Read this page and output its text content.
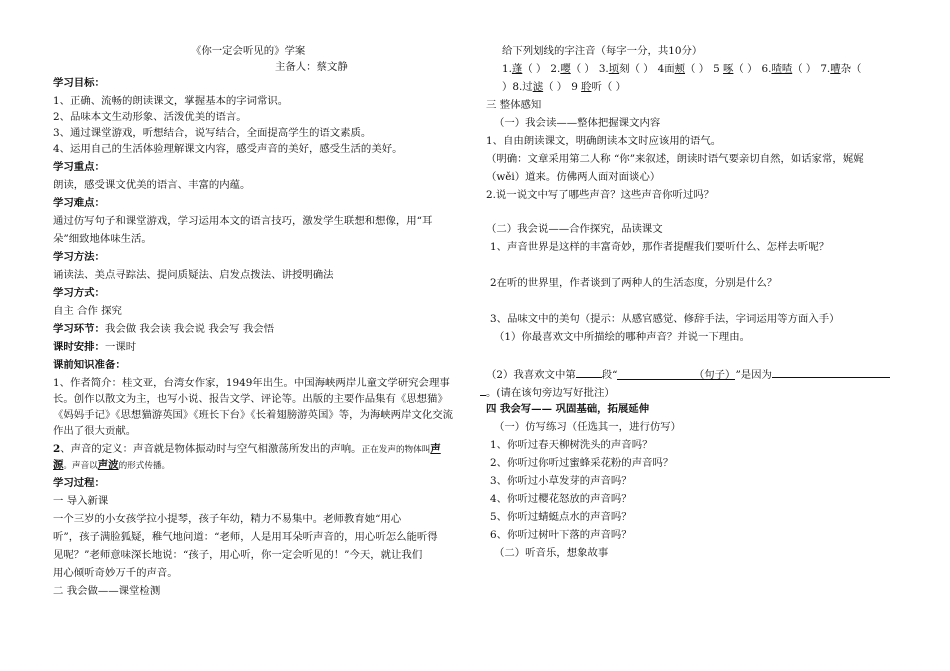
《你一定会听见的》学案
主备人：蔡文静
学习目标：
1、正确、流畅的朗读课文，掌握基本的字词常识。
2、品味本文生动形象、活泼优美的语言。
3、通过课堂游戏，听想结合，说写结合，全面提高学生的语文素质。
4、运用自己的生活体验理解课文内容，感受声音的美好，感受生活的美好。
学习重点：
朗读，感受课文优美的语言、丰富的内蕴。
学习难点：
通过仿写句子和课堂游戏，学习运用本文的语言技巧，激发学生联想和想像，用“耳
朵”细致地体味生活。
学习方法：
诵读法、美点寻踪法、提问质疑法、启发点拨法、讲授明确法
学习方式：
自主 合作 探究
学习环节：我会做 我会读 我会说 我会写 我会悟
课时安排：一课时
课前知识准备：
1、作者简介：桂文亚，台湾女作家，1949年出生。中国海峡两岸儿童文学研究会理事
长。创作以散文为主，也写小说、报告文学、评论等。出版的主要作品集有《思想猫》
《妈妈手记》《思想猫游英国》《班长下台》《长着翅膀游英国》等，为海峡两岸文化交流
作出了很大贡献。
2、声音的定义：声音就是物体振动时与空气相激荡所发出的声响。正在发声的物体叫声
源。声音以声波的形式传播。
学习过程：
一 导入新课
一个三岁的小女孩学拉小提琴，孩子年幼，精力不易集中。老师教育她“用心
听”，孩子满脸狐疑，稚气地问道：“老师，人是用耳朵听声音的，用心听怎么能听得
见呢？”老师意味深长地说：“孩子，用心听，你一定会听见的！”今天，就让我们
用心倾听奇妙万千的声音。
二 我会做——课堂检测
给下列划线的字注音（每字一分，共10分）
1.蓬（ ） 2.嘤（ ） 3.顷刻（ ） 4面颊（ ） 5 啄（ ） 6.喳喳（ ） 7.嘈杂（
）8.过滤（ ） 9 聆听（ ）
三 整体感知
（一）我会读——整体把握课文内容
1、自由朗读课文，明确朗读本文时应该用的语气。
（明确：文章采用第二人称 “你”来叙述，朗读时语气要亲切自然，如话家常，娓娓
（wěi）道来。仿佛两人面对面谈心）
2.说一说文中写了哪些声音？这些声音你听过吗？
（二）我会说——合作探究，品读课文
1、声音世界是这样的丰富奇妙，那作者提醒我们要听什么、怎样去听呢？
2在听的世界里，作者谈到了两种人的生活态度，分别是什么？
3、品味文中的美句（提示：从感官感觉、修辞手法，字词运用等方面入手）
（1）你最喜欢文中所描绘的哪种声音？并说一下理由。
（2）我喜欢文中第	段“	（句子）”是因为
。(请在该句旁边写好批注）
四 我会写—— 巩固基础，拓展延伸
（一）仿写练习（任选其一，进行仿写）
1、你听过春天柳树洗头的声音吗？
2、你听过你听过蜜蜂采花粉的声音吗？
3、你听过小草发芽的声音吗？
4、你听过樱花怒放的声音吗？
5、你听过蜻蜓点水的声音吗？
6、你听过树叶下落的声音吗？
（二）听音乐，想象故事
